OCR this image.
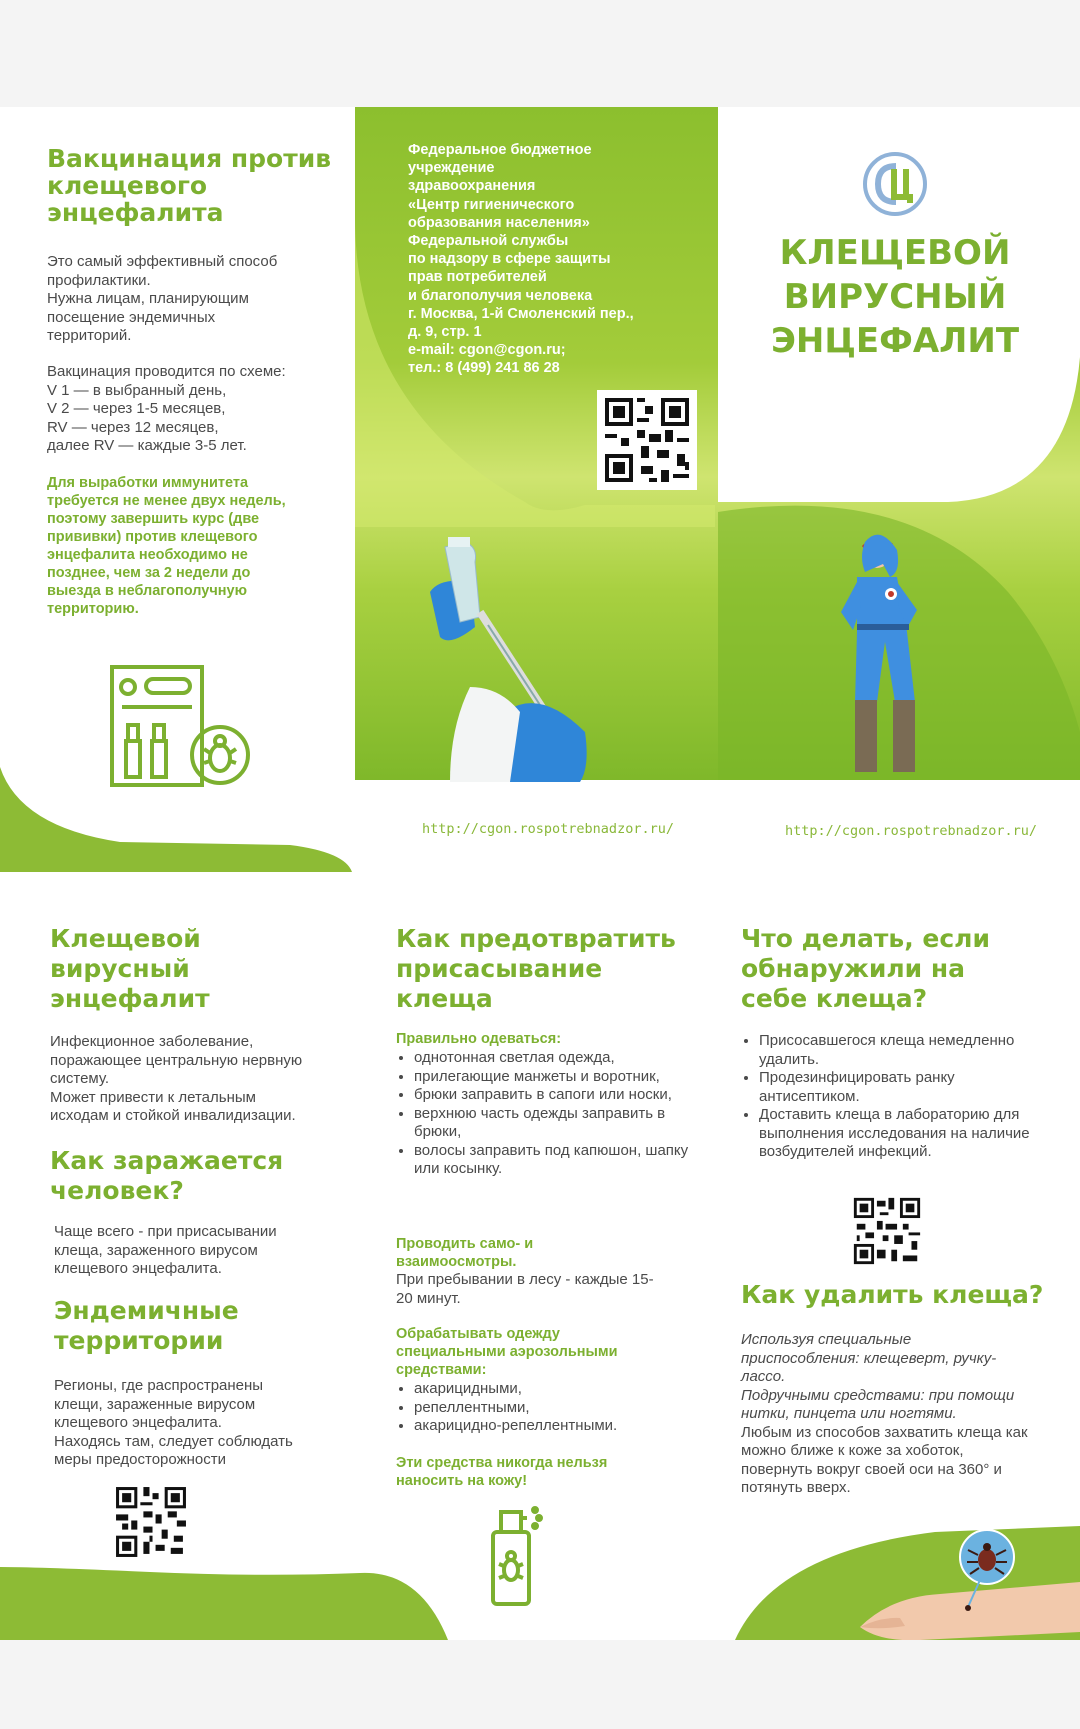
Вакцинация против клещевого энцефалита

Это самый эффективный способ

профилактики.

Нужна лицам, планирующим

посещение эндемичных

территорий.

Вакцинация проводится по схеме:

V 1 — в выбранный день,

V 2 — через 1-5 месяцев,

RV — через 12 месяцев,

далее RV — каждые 3-5 лет.

Для выработки иммунитета

требуется не менее двух недель,

поэтому завершить курс (две

прививки) против клещевого

энцефалита необходимо не

позднее, чем за 2 недели до

выезда в неблагополучную

территорию.

Федеральное бюджетное

учреждение

здравоохранения

«Центр гигиенического

образования населения»

Федеральной службы

по надзору в сфере защиты

прав потребителей

и благополучия человека

г. Москва, 1-й Смоленский пер.,

д. 9, стр. 1

e-mail: cgon@cgon.ru;

тел.: 8 (499) 241 86 28

http://cgon.rospotrebnadzor.ru/

КЛЕЩЕВОЙ

ВИРУСНЫЙ

ЭНЦЕФАЛИТ

http://cgon.rospotrebnadzor.ru/
Клещевой вирусный энцефалит

Инфекционное заболевание,

поражающее центральную нервную

систему.

Может привести к летальным

исходам и стойкой инвалидизации.

Как заражается человек?

Чаще всего - при присасывании

клеща, зараженного вирусом

клещевого энцефалита.

Эндемичные территории

Регионы, где распространены

клещи, зараженные вирусом

клещевого энцефалита.

Находясь там, следует соблюдать

меры предосторожности

Как предотвратить присасывание клеща
Правильно одеваться:
• однотонная светлая одежда,
• прилегающие манжеты и воротник,
• брюки заправить в сапоги или носки,
• верхнюю часть одежды заправить в брюки,
• волосы заправить под капюшон, шапку или косынку.
Проводить само- и взаимоосмотры.
При пребывании в лесу - каждые 15-20 минут.
Обрабатывать одежду специальными аэрозольными средствами:
• акарицидными,
• репеллентными,
• акарицидно-репеллентными.
Эти средства никогда нельзя наносить на кожу!
Что делать, если обнаружили на себе клеща?
• Присосавшегося клеща немедленно удалить.
• Продезинфицировать ранку антисептиком.
• Доставить клеща в лабораторию для выполнения исследования на наличие возбудителей инфекций.
Как удалить клеща?

Используя специальные приспособления: клещеверт, ручку-лассо.

Подручными средствами: при помощи нитки, пинцета или ногтями.

Любым из способов захватить клеща как можно ближе к коже за хоботок, повернуть вокруг своей оси на 360° и потянуть вверх.
